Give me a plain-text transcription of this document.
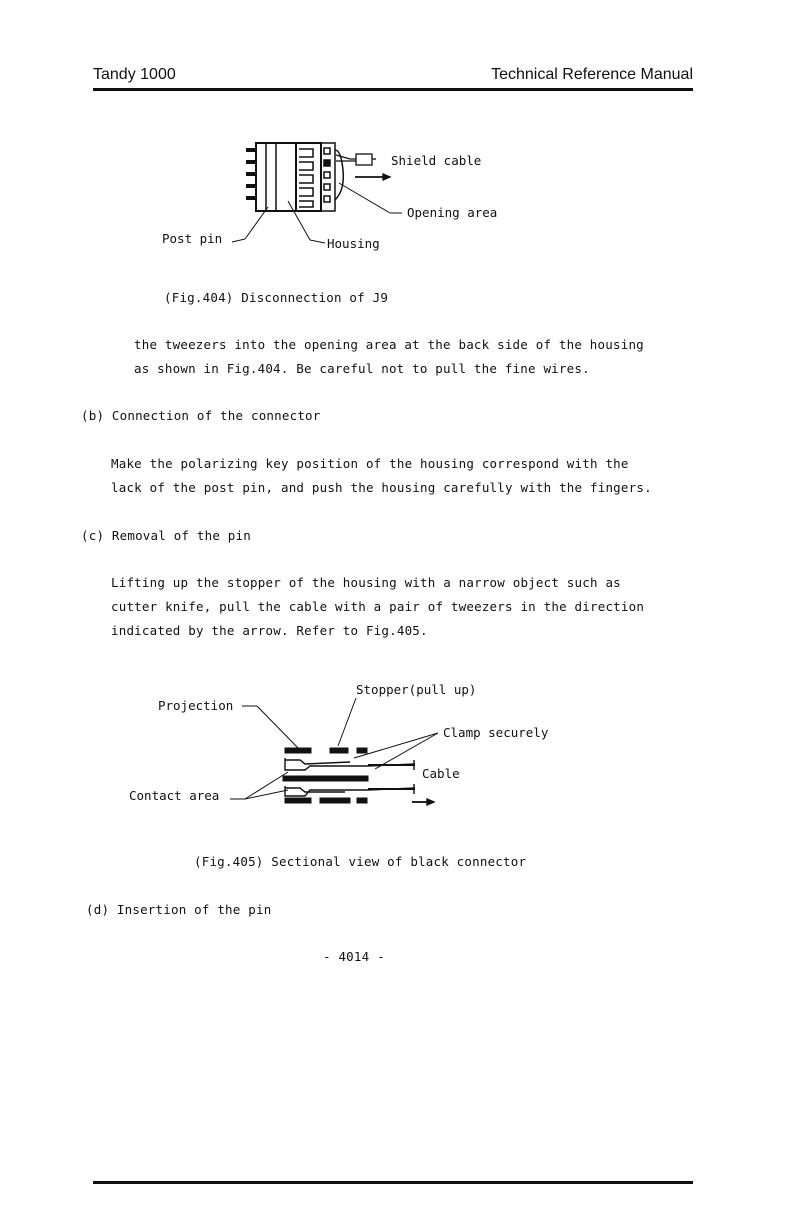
Tandy 1000	Technical Reference Manual
Shield cable
Opening area
Post pin	Housing
(Fig.404) Disconnection of J9
the tweezers into the opening area at the back side of the housing
as shown in Fig.404. Be careful not to pull the fine wires.
(b) Connection of the connector
Make the polarizing key position of the housing correspond with the
lack of the post pin, and push the housing carefully with the fingers.
(c) Removal of the pin
Lifting up the stopper of the housing with a narrow object such as
cutter knife, pull the cable with a pair of tweezers in the direction
indicated by the arrow. Refer to Fig.405.
Stopper(pull up)
Projection
Clamp securely
Cable
Contact area
(Fig.405) Sectional view of black connector
(d) Insertion of the pin
- 4014 -
